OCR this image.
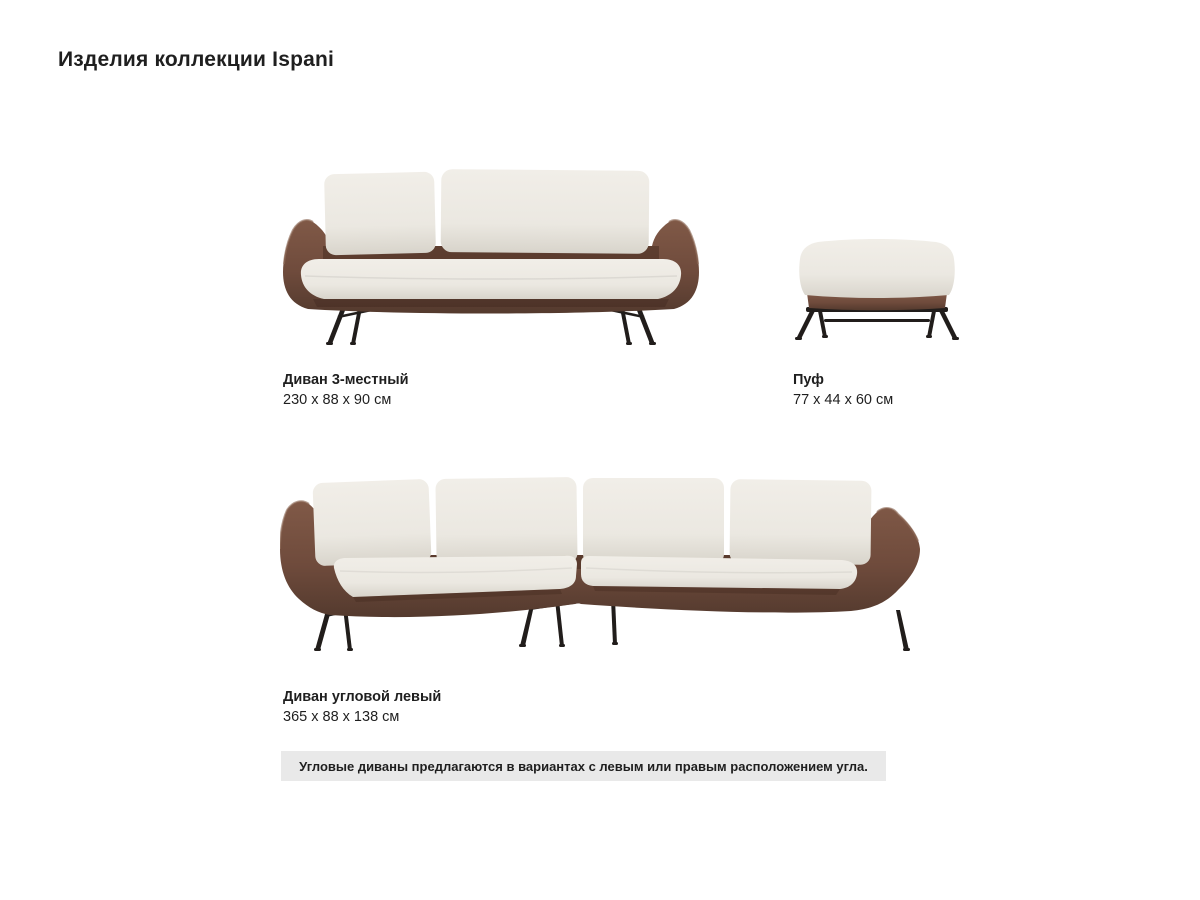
Изделия коллекции Ispani
Диван 3-местный
230 x 88 x 90 см
Пуф
77 x 44 x 60 см
Диван угловой левый
365 x 88 x 138 см
Угловые диваны предлагаются в вариантах с левым или правым расположением угла.
